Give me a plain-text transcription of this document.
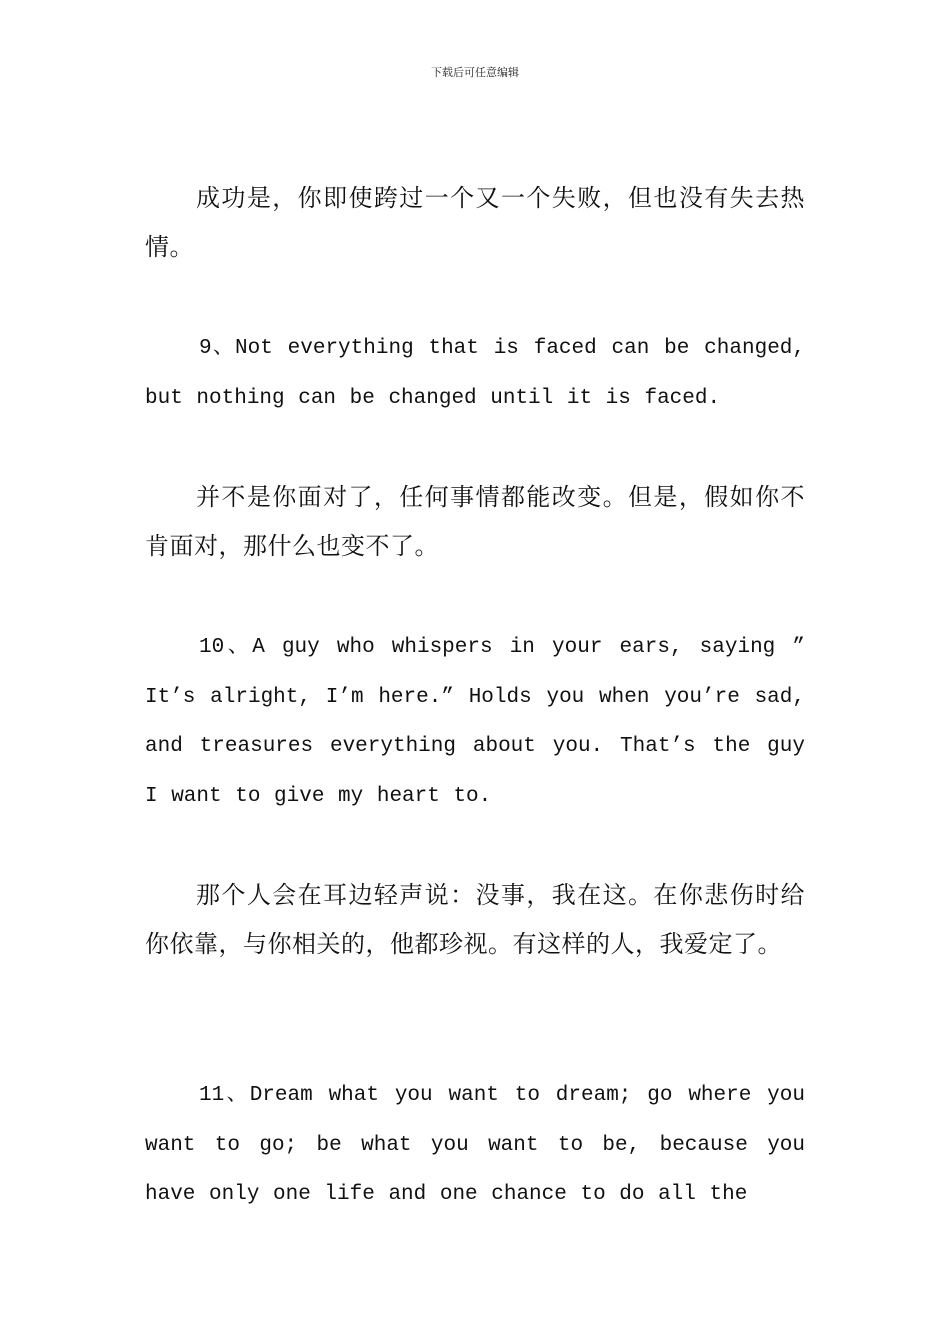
下载后可任意编辑

成功是，你即使跨过一个又一个失败，但也没有失去热情。

9、Not everything that is faced can be changed, but nothing can be changed until it is faced.

并不是你面对了，任何事情都能改变。但是，假如你不肯面对，那什么也变不了。

10、A guy who whispers in your ears, saying ” It’s alright, I’m here.” Holds you when you’re sad, and treasures everything about you. That’s the guy I want to give my heart to.

那个人会在耳边轻声说：没事，我在这。在你悲伤时给你依靠，与你相关的，他都珍视。有这样的人，我爱定了。

11、Dream what you want to dream; go where you want to go; be what you want to be, because you have only one life and one chance to do all the
